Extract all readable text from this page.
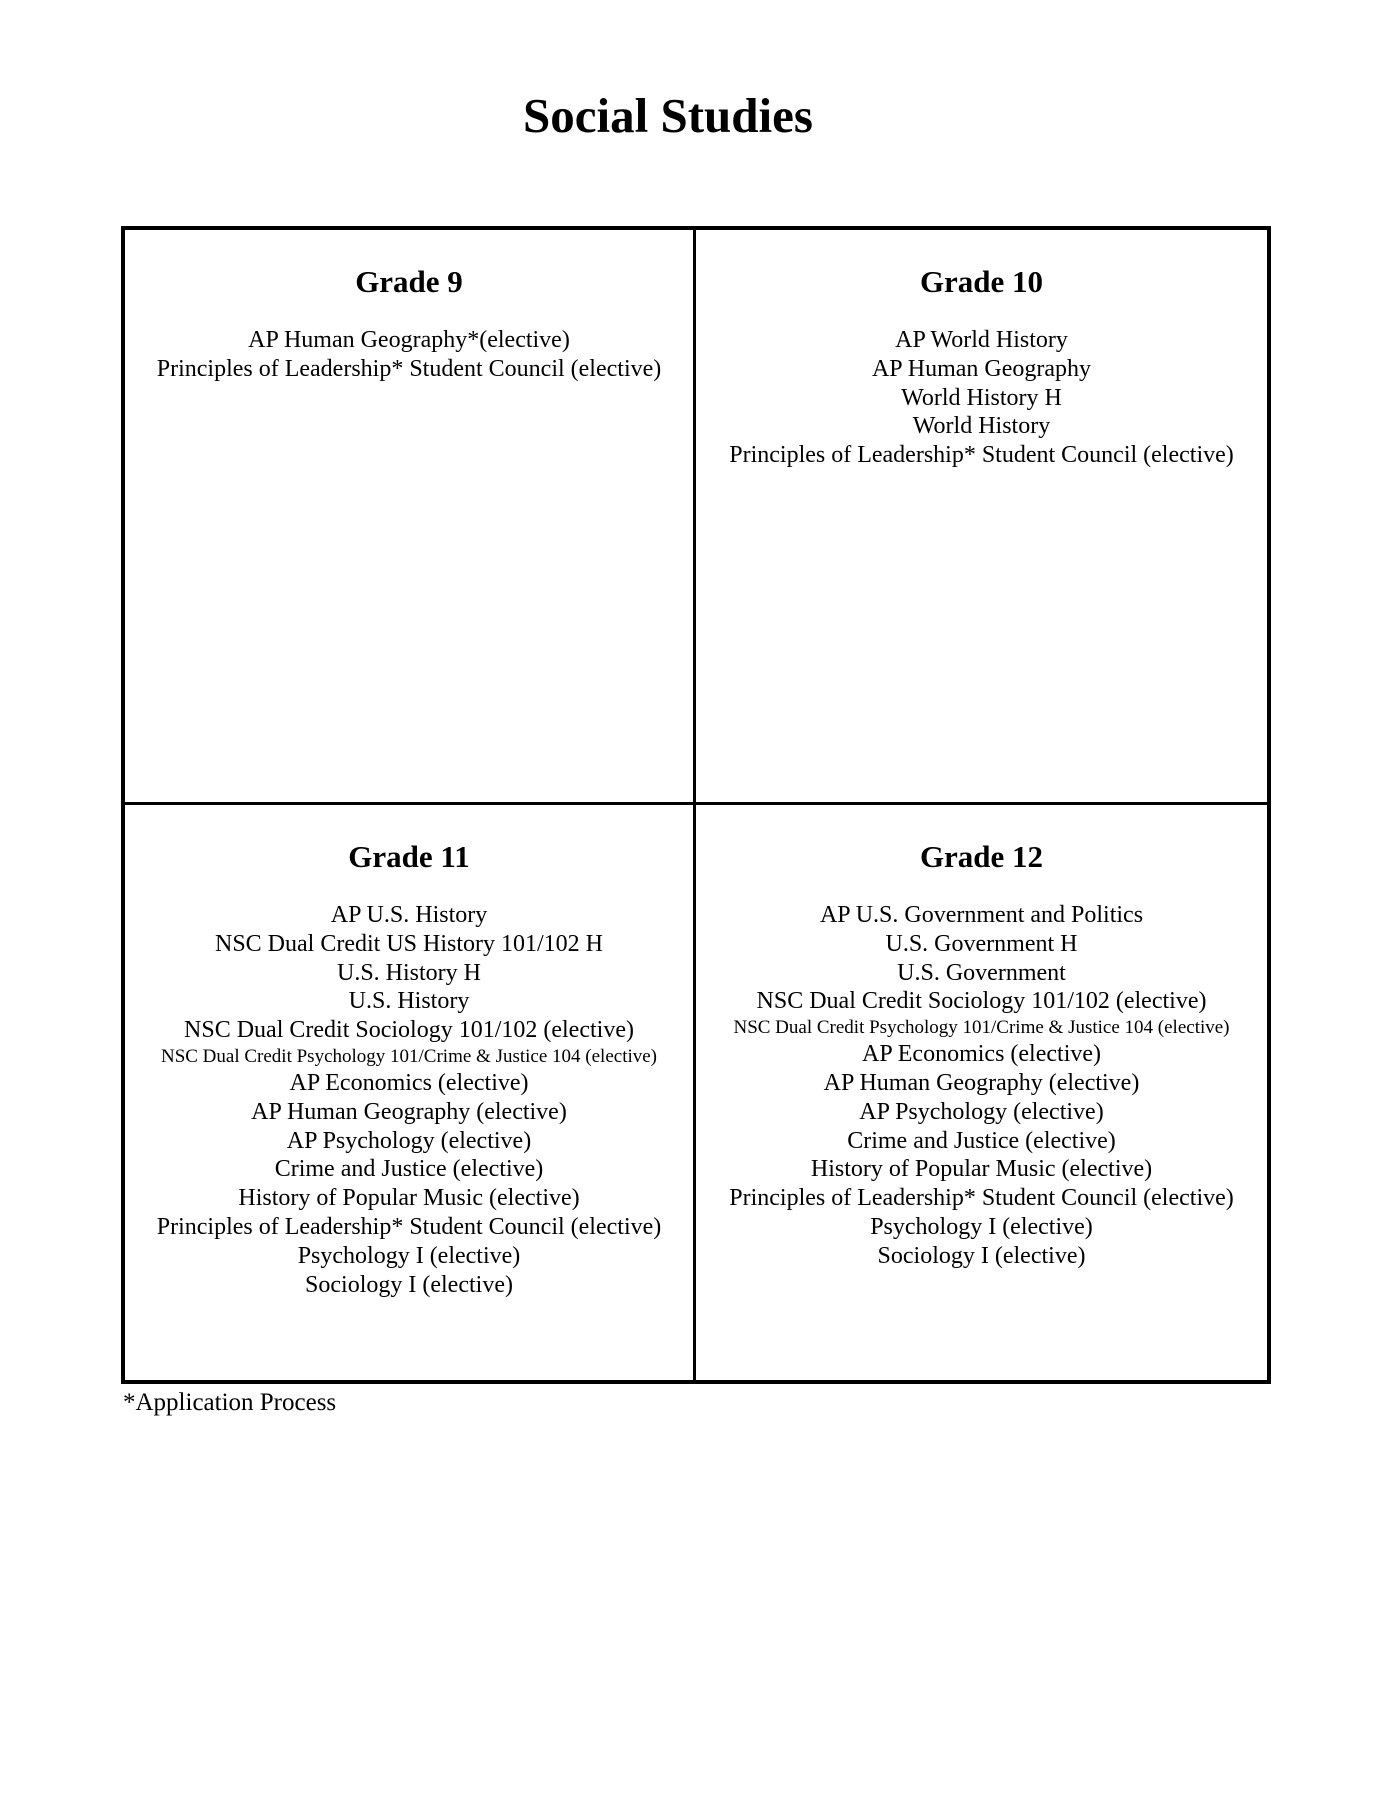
Social Studies
Grade 9
AP Human Geography*(elective)
Principles of Leadership* Student Council (elective)
Grade 10
AP World History
AP Human Geography
World History H
World History
Principles of Leadership* Student Council (elective)
Grade 11
AP U.S. History
NSC Dual Credit US History 101/102 H
U.S. History H
U.S. History
NSC Dual Credit Sociology 101/102 (elective)
NSC Dual Credit Psychology 101/Crime & Justice 104 (elective)
AP Economics (elective)
AP Human Geography (elective)
AP Psychology (elective)
Crime and Justice (elective)
History of Popular Music (elective)
Principles of Leadership* Student Council (elective)
Psychology I (elective)
Sociology I (elective)
Grade 12
AP U.S. Government and Politics
U.S. Government H
U.S. Government
NSC Dual Credit Sociology 101/102 (elective)
NSC Dual Credit Psychology 101/Crime & Justice 104 (elective)
AP Economics (elective)
AP Human Geography (elective)
AP Psychology (elective)
Crime and Justice (elective)
History of Popular Music (elective)
Principles of Leadership* Student Council (elective)
Psychology I (elective)
Sociology I (elective)

*Application Process
